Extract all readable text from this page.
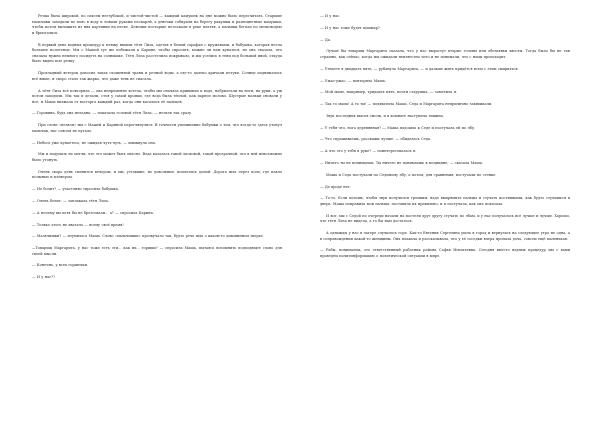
Речка была широкой, по сихсем неглубокой, и чистой-чистой — каждый камушек на дне можно было пересчитать. Старшие мальчики заходили по пояс в воду и ловили руками пескарей, а девочки собирали на берегу ракушки и разноцветные камушки, чтобы потом выложить из них картинки на песке. Девочки постарше полоскали в реке платья, а малыши бегали по мелководью и брызгались.

В первый день водных процедур к пляжу вышли тётя Лиза, одетая в белый сарафан с кружевами, и бабушка, которая несла большое полотенце. Мы с Машей тут же побежали к Карине, чтобы спросить, можно ли нам купаться, но она сказала, что сначала нужно немного посидеть на солнышке. Тётя Лиза расстелила покрывало, и мы уселись в тени под большой ивой, откуда было видно всю речку.

Прохладный ветерок доносил запах скошенной травы и речной воды, а где-то далеко кричали петухи. Солнце поднималось всё выше, и скоро стало так жарко, что даже тень не спасала.

А тётя Лиза всё повторяла — она непременно хотела, чтобы мы сначала привыкли к воде, побрызгали на ноги, на руки, а уж потом заходили. Мы так и делали, стоя у самой кромки, где вода была тёплой, как парное молоко. Шустрые мальки сновали у ног, и Маша визжала от восторга каждый раз, когда они касались её пальцев.

— Горовина, будь она неладна, — покачала головой тётя Лиза, — нельзя так сразу.

При слове «нельзя» мы с Машей и Кариной переглянулись. В точности упоминание бабушки о том, что когда-то здесь утонул мальчик, нас совсем не пугало.

— Небось уже купаетесь, не ожидая чуть-чуть, — хмыкнула она.

Мы и подумать не могли, что это может быть опасно. Вода казалась такой ласковой, такой прозрачной, что в ней невозможно было утонуть.

Очень скоро день сменился вечером, и мы, уставшие, но довольные, поплелись домой. Дорога шла через поле, где пахло полынью и клевером.

— Не болит? — участливо спросила бабушка.

— Очень болит, — заплакала тётя Лиза.

— А почему вы хотя бы не брезговали... а? — спросила Карина.

— Только этого не хватало — всему своё время!

— Мальчишки? — изумилась Маша. Слово «мальчишки» прозвучало так, будто речь шла о каком-то диковинном зверье.

—Товарищ Маргарита, у нас тоже есть эти... как их... горшки? — спросила Маша, пытаясь вспомнить подходящее слово для своей мысли.

— Конечно, у всех горшечки.

— И у нас??

— И у нас.

— И у нас тоже будет кошмар?

— Да.

Лучше бы товарищ Маргарита сказала, что у нас вырастут вторые головы или обезьяньи хвосты. Тогда было бы не так страшно, как сейчас, когда мы ожидали неизвестно чего и не понимали, что с нами происходит.

— Узнаете в двадцать пять, — рубанула Маргарита, — и дальше жить придётся всем с этим смириться.

— Ужас-ужас, — повторяла Маша.

— Мой маме, например, тридцать пять, почти старушка, — заметила я.

— Так то мама! А то ты! — подхватила Маша. Седа и Маргарита неприлично захихикали.

Звук последних шагов смолк, и в комнате наступила тишина.

— У тебя что, нога деревянная? — Маша подошла к Седе и постучала ей по лбу.

— Что спрашиваешь, расскажи лучше, — обиделась Седа.

— А что это у тебя в руке? — поинтересовалась я.

— Ничего ты не понимаешь. Ты ничего не понимаешь в медицине, — сказала Маша.

Маша и Седа постучали по Сединому лбу, а потом, для сравнения, постучали по стенке.

— До вроде нет.

— То-то. Если хочешь, чтобы звук получился громким, надо выпрямить пальцы и стучать костяшками, как будто стучишься в дверь. Маша поправила мои пальцы, поставила их правильно, и я постучала, как она показала.

И вот, мы с Седой по очереди начали на постели друг другу стучать по лбам, и у нас получалось всё лучше и лучше. Хорошо, что тётя Лиза не видела, а то бы нам досталось.

А однажды у нас в лагере случилось горе. Как-то Евгения Сергеевна ушла в город и вернулась на следующее утро не одна, а в сопровождении какой-то женщины. Она плакала и рассказывала, что у её соседки вчера пропала дочь, совсем ещё маленькая.

— Рабы, понимаешь, это ответственный работник района Софья Игнатьевна. Сегодня вместо водных процедур мы с вами проведём политинформацию о политической ситуации в мире.
